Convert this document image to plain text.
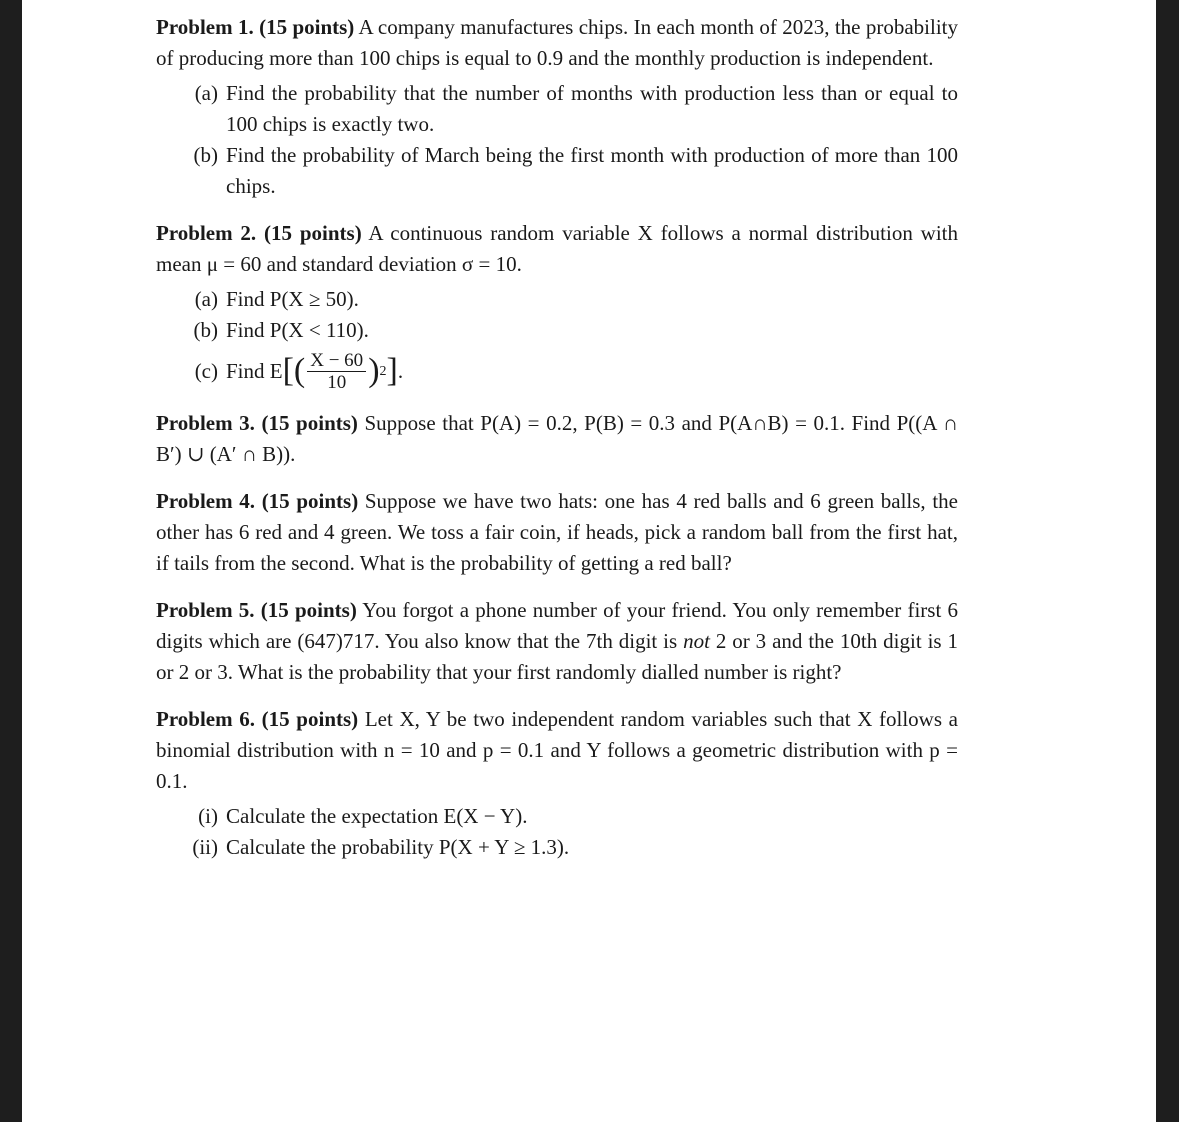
Problem 1. (15 points) A company manufactures chips. In each month of 2023, the probability of producing more than 100 chips is equal to 0.9 and the monthly production is independent.
(a) Find the probability that the number of months with production less than or equal to 100 chips is exactly two.
(b) Find the probability of March being the first month with production of more than 100 chips.
Problem 2. (15 points) A continuous random variable X follows a normal distribution with mean μ = 60 and standard deviation σ = 10.
(a) Find P(X ≥ 50).
(b) Find P(X < 110).
(c) Find E [ ( $\frac{X - 60}{10}$ ) 2 ] .
Problem 3. (15 points) Suppose that P(A) = 0.2, P(B) = 0.3 and P(A∩B) = 0.1. Find P((A ∩ B′) ∪ (A′ ∩ B)).
Problem 4. (15 points) Suppose we have two hats: one has 4 red balls and 6 green balls, the other has 6 red and 4 green. We toss a fair coin, if heads, pick a random ball from the first hat, if tails from the second. What is the probability of getting a red ball?
Problem 5. (15 points) You forgot a phone number of your friend. You only remember first 6 digits which are (647)717. You also know that the 7th digit is not 2 or 3 and the 10th digit is 1 or 2 or 3. What is the probability that your first randomly dialled number is right?
Problem 6. (15 points) Let X, Y be two independent random variables such that X follows a binomial distribution with n = 10 and p = 0.1 and Y follows a geometric distribution with p = 0.1.
(i) Calculate the expectation E(X − Y).
(ii) Calculate the probability P(X + Y ≥ 1.3).
